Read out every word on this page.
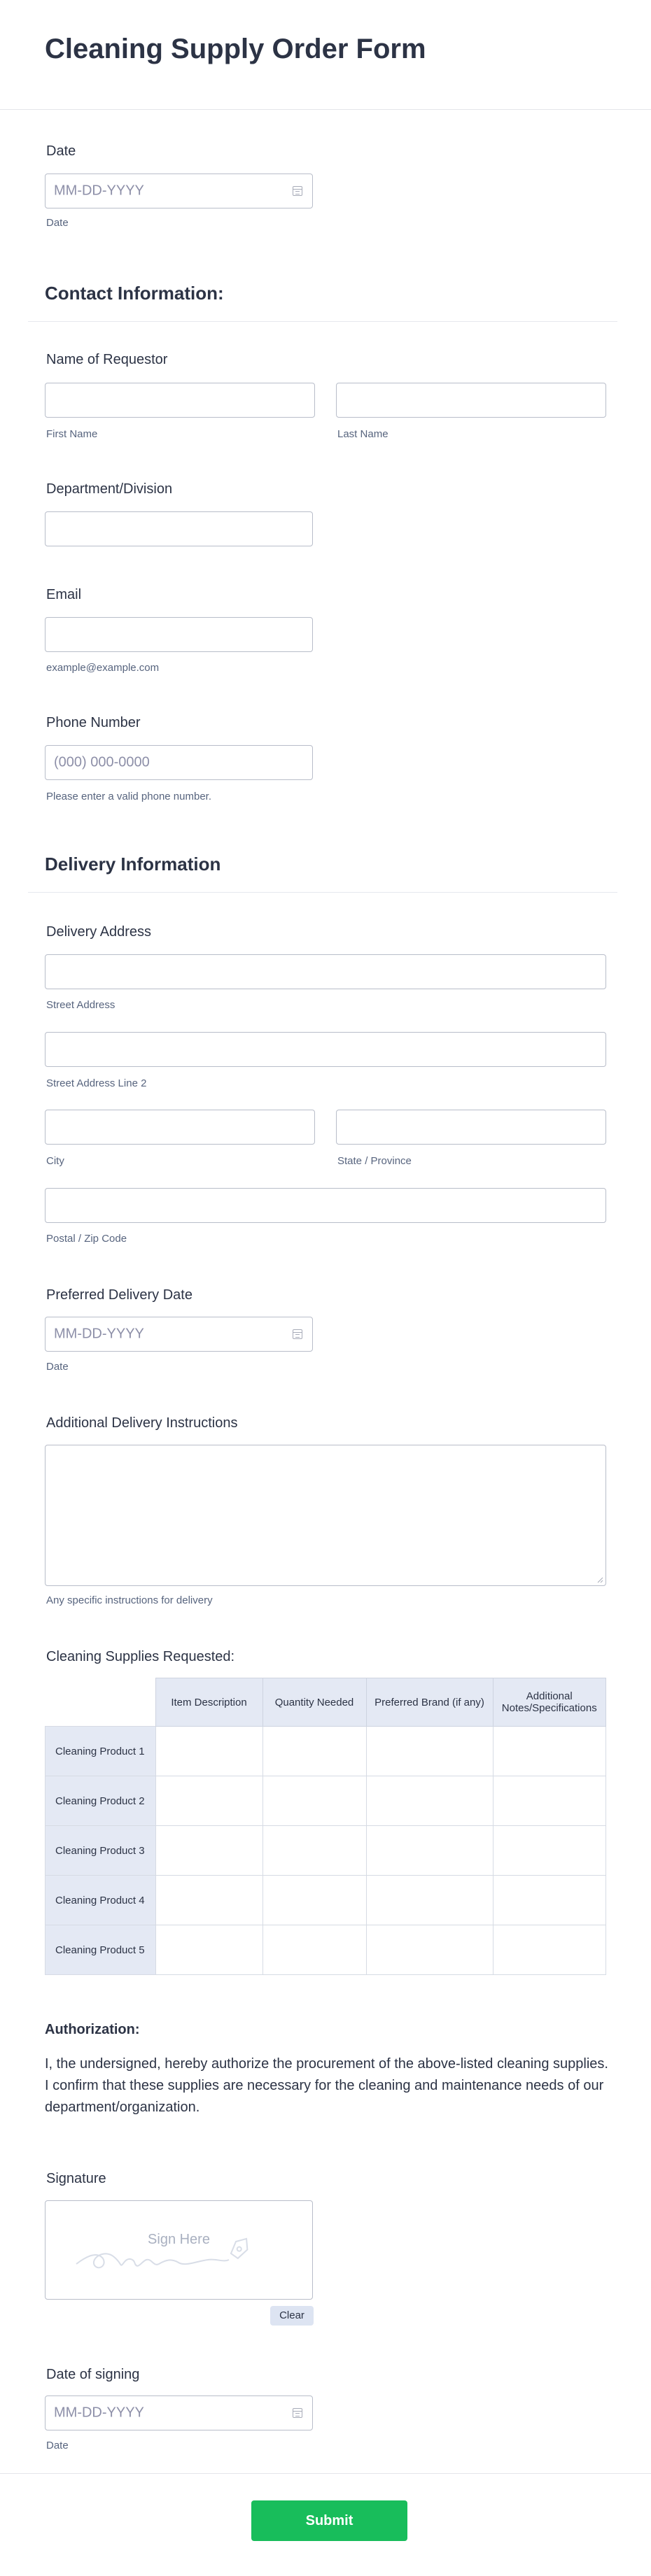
Cleaning Supply Order Form
Date
MM-DD-YYYY
Date
Contact Information:
Name of Requestor
First Name	Last Name
Department/Division
Email
example@example.com
Phone Number
(000) 000-0000
Please enter a valid phone number.
Delivery Information
Delivery Address
Street Address
Street Address Line 2
City	State / Province
Postal / Zip Code
Preferred Delivery Date
MM-DD-YYYY
Date
Additional Delivery Instructions
Any specific instructions for delivery
Cleaning Supplies Requested:
	Item Description	Quantity Needed	Preferred Brand (if any)	Additional Notes/Specifications
Cleaning Product 1				
Cleaning Product 2				
Cleaning Product 3				
Cleaning Product 4				
Cleaning Product 5				
Authorization:
I, the undersigned, hereby authorize the procurement of the above-listed cleaning supplies. I confirm that these supplies are necessary for the cleaning and maintenance needs of our department/organization.
Signature
Sign Here
Clear
Date of signing
MM-DD-YYYY
Date
Submit
